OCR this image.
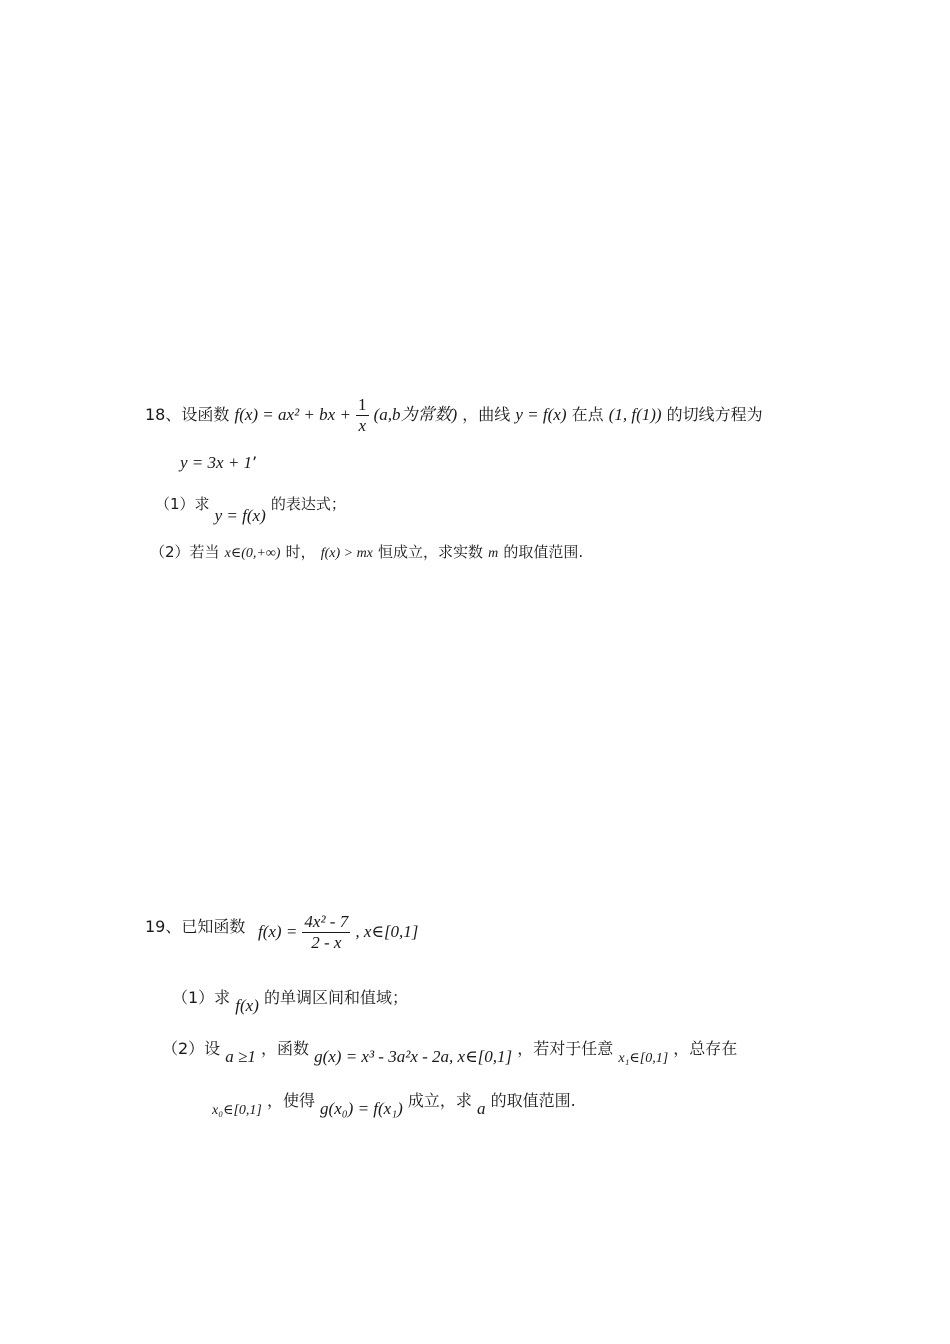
18、设函数 f(x) = ax² + bx + $\frac{1}{x} (a,b$为常数) ，曲线 y = f(x) 在点 (1, f(1)) 的切线方程为
y = 3x + 1’
（1）求 y = f(x) 的表达式；
（2）若当 x∈(0,+∞) 时， f(x) > mx 恒成立，求实数 m 的取值范围.
19、已知函数 $f(x) = \frac{\text{4x² - 7}}{2 - x}$ , x∈[0,1]
（1）求 f(x) 的单调区间和值域；
（2）设 a ≥1 ，函数 g(x) = x³ - 3a²x - 2a, x∈[0,1] ，若对于任意 x₁∈[0,1] ，总存在
x₀∈[0,1] ，使得 g(x₀) = f(x₁) 成立，求 a 的取值范围.
